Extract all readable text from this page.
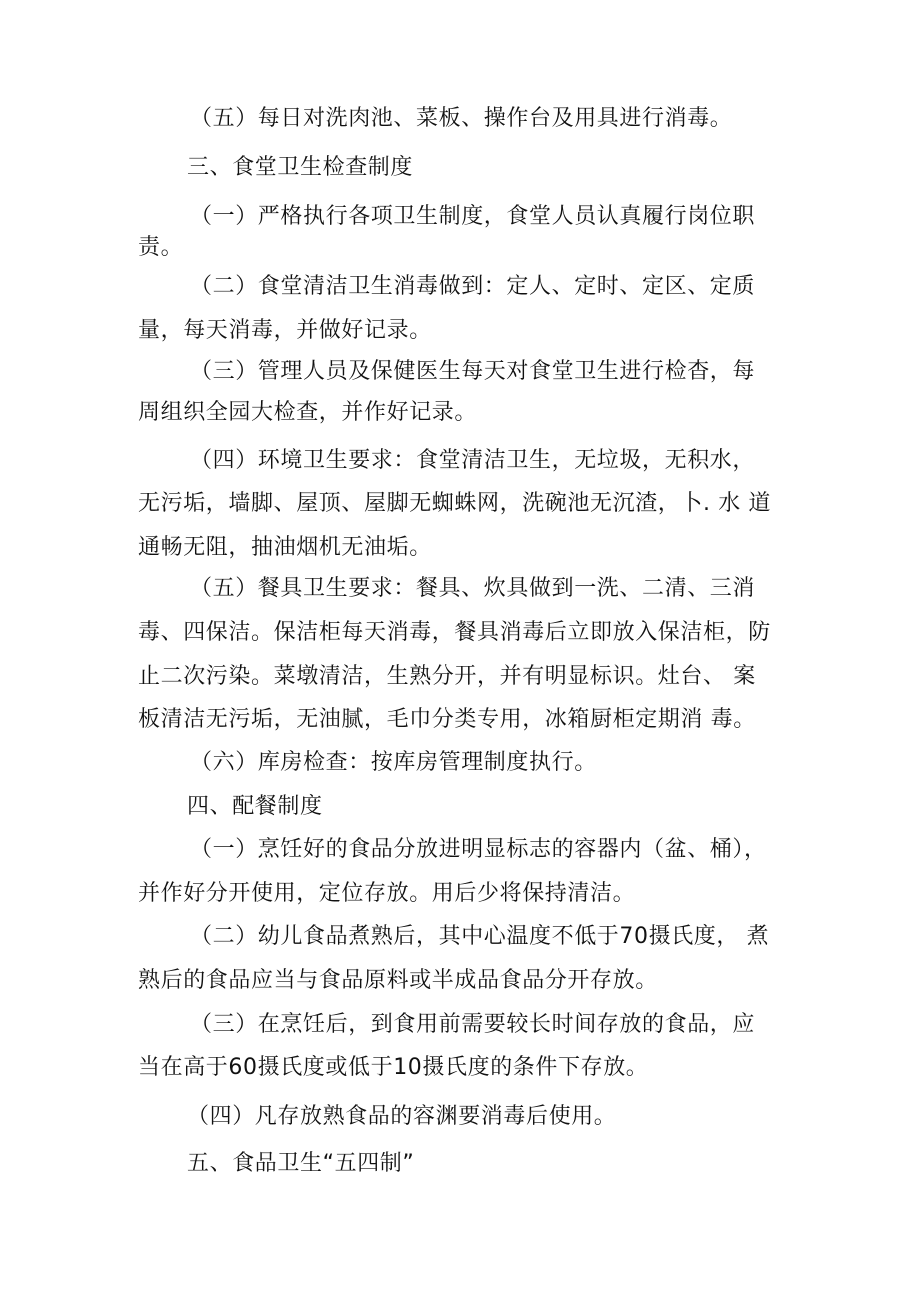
（五）每日对洗肉池、菜板、操作台及用具进行消毒。
三、食堂卫生检查制度
（一）严格执行各项卫生制度，食堂人员认真履行岗位职
责。
（二）食堂清洁卫生消毒做到：定人、定时、定区、定质
量，每天消毒，并做好记录。
（三）管理人员及保健医生每天对食堂卫生进行检杳，每
周组织全园大检查，并作好记录。
（四）环境卫生要求：食堂清洁卫生，无垃圾，无积水，
无污垢，墙脚、屋顶、屋脚无蜘蛛网，洗碗池无沉渣，卜. 水 道
通畅无阻，抽油烟机无油垢。
（五）餐具卫生要求：餐具、炊具做到一洗、二清、三消
毒、四保洁。保洁柜每天消毒，餐具消毒后立即放入保洁柜，防
止二次污染。菜墩清洁，生熟分开，并有明显标识。灶台、 案
板清洁无污垢，无油腻，毛巾分类专用，冰箱厨柜定期消 毒。
（六）库房检查：按库房管理制度执行。
四、配餐制度
（一）烹饪好的食品分放进明显标志的容器内（盆、桶），
并作好分开使用，定位存放。用后少将保持清洁。
（二）幼儿食品煮熟后，其中心温度不低于70摄氏度， 煮
熟后的食品应当与食品原料或半成品食品分开存放。
（三）在烹饪后，到食用前需要较长时间存放的食品，应
当在高于60摄氏度或低于10摄氏度的条件下存放。
（四）凡存放熟食品的容渊要消毒后使用。
五、食品卫生“五四制”
